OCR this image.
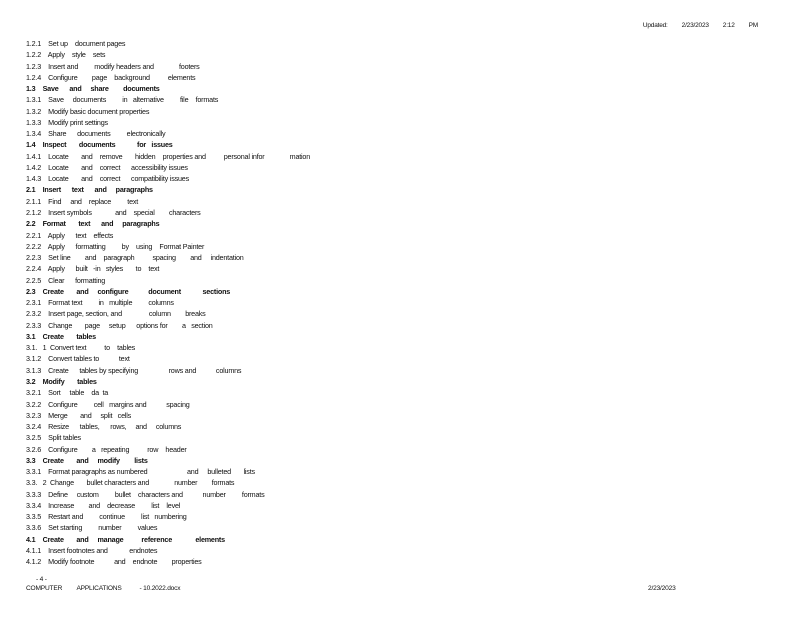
Updated: 2/23/2023 2:12 PM
1.2.1    Set up    document pages
1.2.2    Apply    style    sets
1.2.3    Insert and         modify headers and              footers
1.2.4    Configure        page    background          elements
1.3    Save      and     share        documents
1.3.1    Save     documents         in   alternative         file    formats
1.3.2    Modify basic document properties
1.3.3    Modify print settings
1.3.4    Share      documents         electronically
1.4    Inspect       documents            for   issues
1.4.1    Locate       and    remove       hidden    properties and          personal infor              mation
1.4.2    Locate       and    correct      accessibility issues
1.4.3    Locate       and    correct      compatibility issues
2.1    Insert      text      and     paragraphs
2.1.1    Find     and    replace         text
2.1.2    Insert symbols             and    special        characters
2.2    Format       text      and     paragraphs
2.2.1    Apply      text    effects
2.2.2    Apply      formatting         by    using    Format Painter
2.2.3    Set line        and    paragraph          spacing        and     indentation
2.2.4    Apply      built   -in   styles       to    text
2.2.5    Clear      formatting
2.3    Create       and     configure           document            sections
2.3.1    Format text         in   multiple         columns
2.3.2    Insert page, section, and               column        breaks
2.3.3    Change       page     setup      options for        a   section
3.1    Create       tables
3.1.   1  Convert text          to    tables
3.1.2    Convert tables to           text
3.1.3    Create      tables by specifying                 rows and           columns
3.2    Modify       tables
3.2.1    Sort     table    da  ta
3.2.2    Configure         cell   margins and           spacing
3.2.3    Merge       and     split   cells
3.2.4    Resize      tables,      rows,     and     columns
3.2.5    Split tables
3.2.6    Configure        a   repeating          row    header
3.3    Create       and     modify        lists
3.3.1    Format paragraphs as numbered                      and     bulleted       lists
3.3.   2  Change       bullet characters and              number        formats
3.3.3    Define     custom         bullet    characters and           number         formats
3.3.4    Increase        and    decrease         list    level
3.3.5    Restart and         continue         list   numbering
3.3.6    Set starting         number         values
4.1    Create       and     manage          reference             elements
4.1.1    Insert footnotes and            endnotes
4.1.2    Modify footnote           and    endnote        properties
- 4 -
COMPUTER         APPLICATIONS           - 10.2022.docx	2/23/2023
